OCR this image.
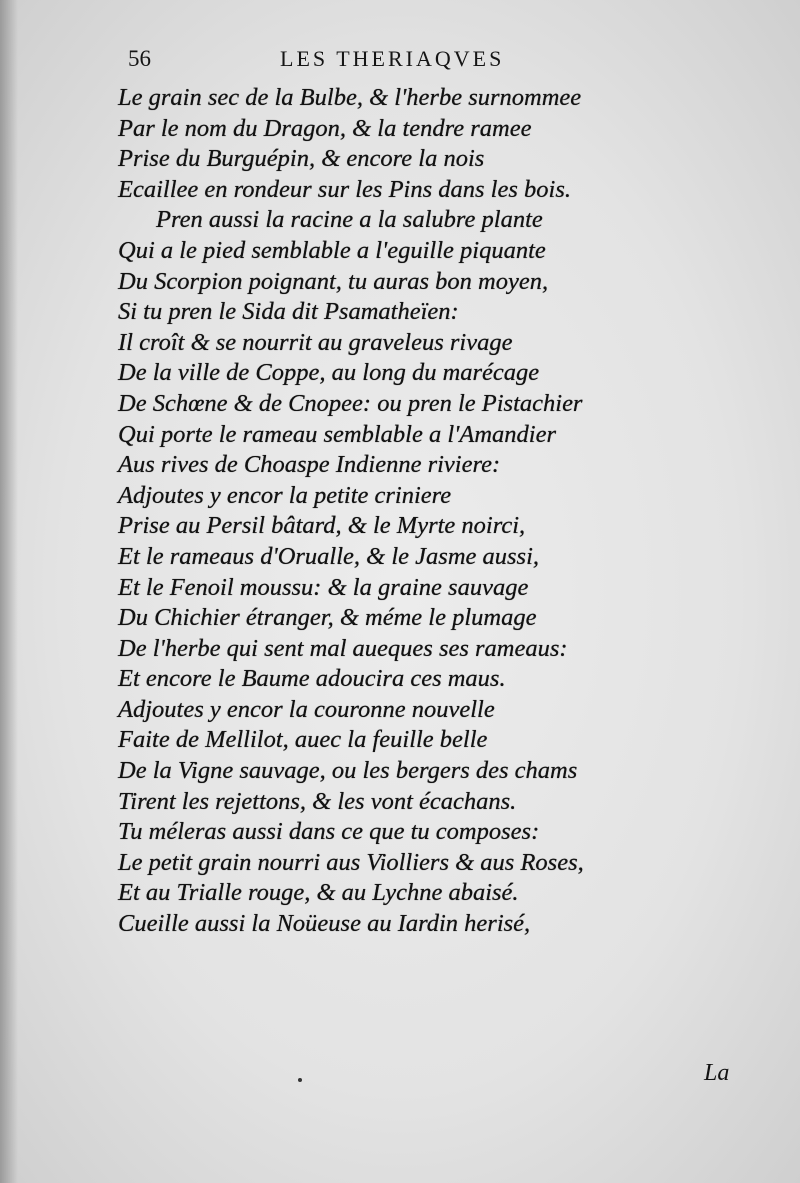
56	LES THERIAQVES
Le grain sec de la Bulbe, & l'herbe surnommee
Par le nom du Dragon, & la tendre ramee
Prise du Burguépin, & encore la nois
Ecaillee en rondeur sur les Pins dans les bois.
Pren aussi la racine a la salubre plante
Qui a le pied semblable a l'eguille piquante
Du Scorpion poignant, tu auras bon moyen,
Si tu pren le Sida dit Psamatheïen:
Il croît & se nourrit au graveleus rivage
De la ville de Coppe, au long du marécage
De Schœne & de Cnopee: ou pren le Pistachier
Qui porte le rameau semblable a l'Amandier
Aus rives de Choaspe Indienne riviere:
Adjoutes y encor la petite criniere
Prise au Persil bâtard, & le Myrte noirci,
Et le rameaus d'Orualle, & le Jasme aussi,
Et le Fenoil moussu: & la graine sauvage
Du Chichier étranger, & méme le plumage
De l'herbe qui sent mal aueques ses rameaus:
Et encore le Baume adoucira ces maus.
Adjoutes y encor la couronne nouvelle
Faite de Mellilot, auec la feuille belle
De la Vigne sauvage, ou les bergers des chams
Tirent les rejettons, & les vont écachans.
Tu méleras aussi dans ce que tu composes:
Le petit grain nourri aus Violliers & aus Roses,
Et au Trialle rouge, & au Lychne abaisé.
Cueille aussi la Noüeuse au Iardin herisé,
La
